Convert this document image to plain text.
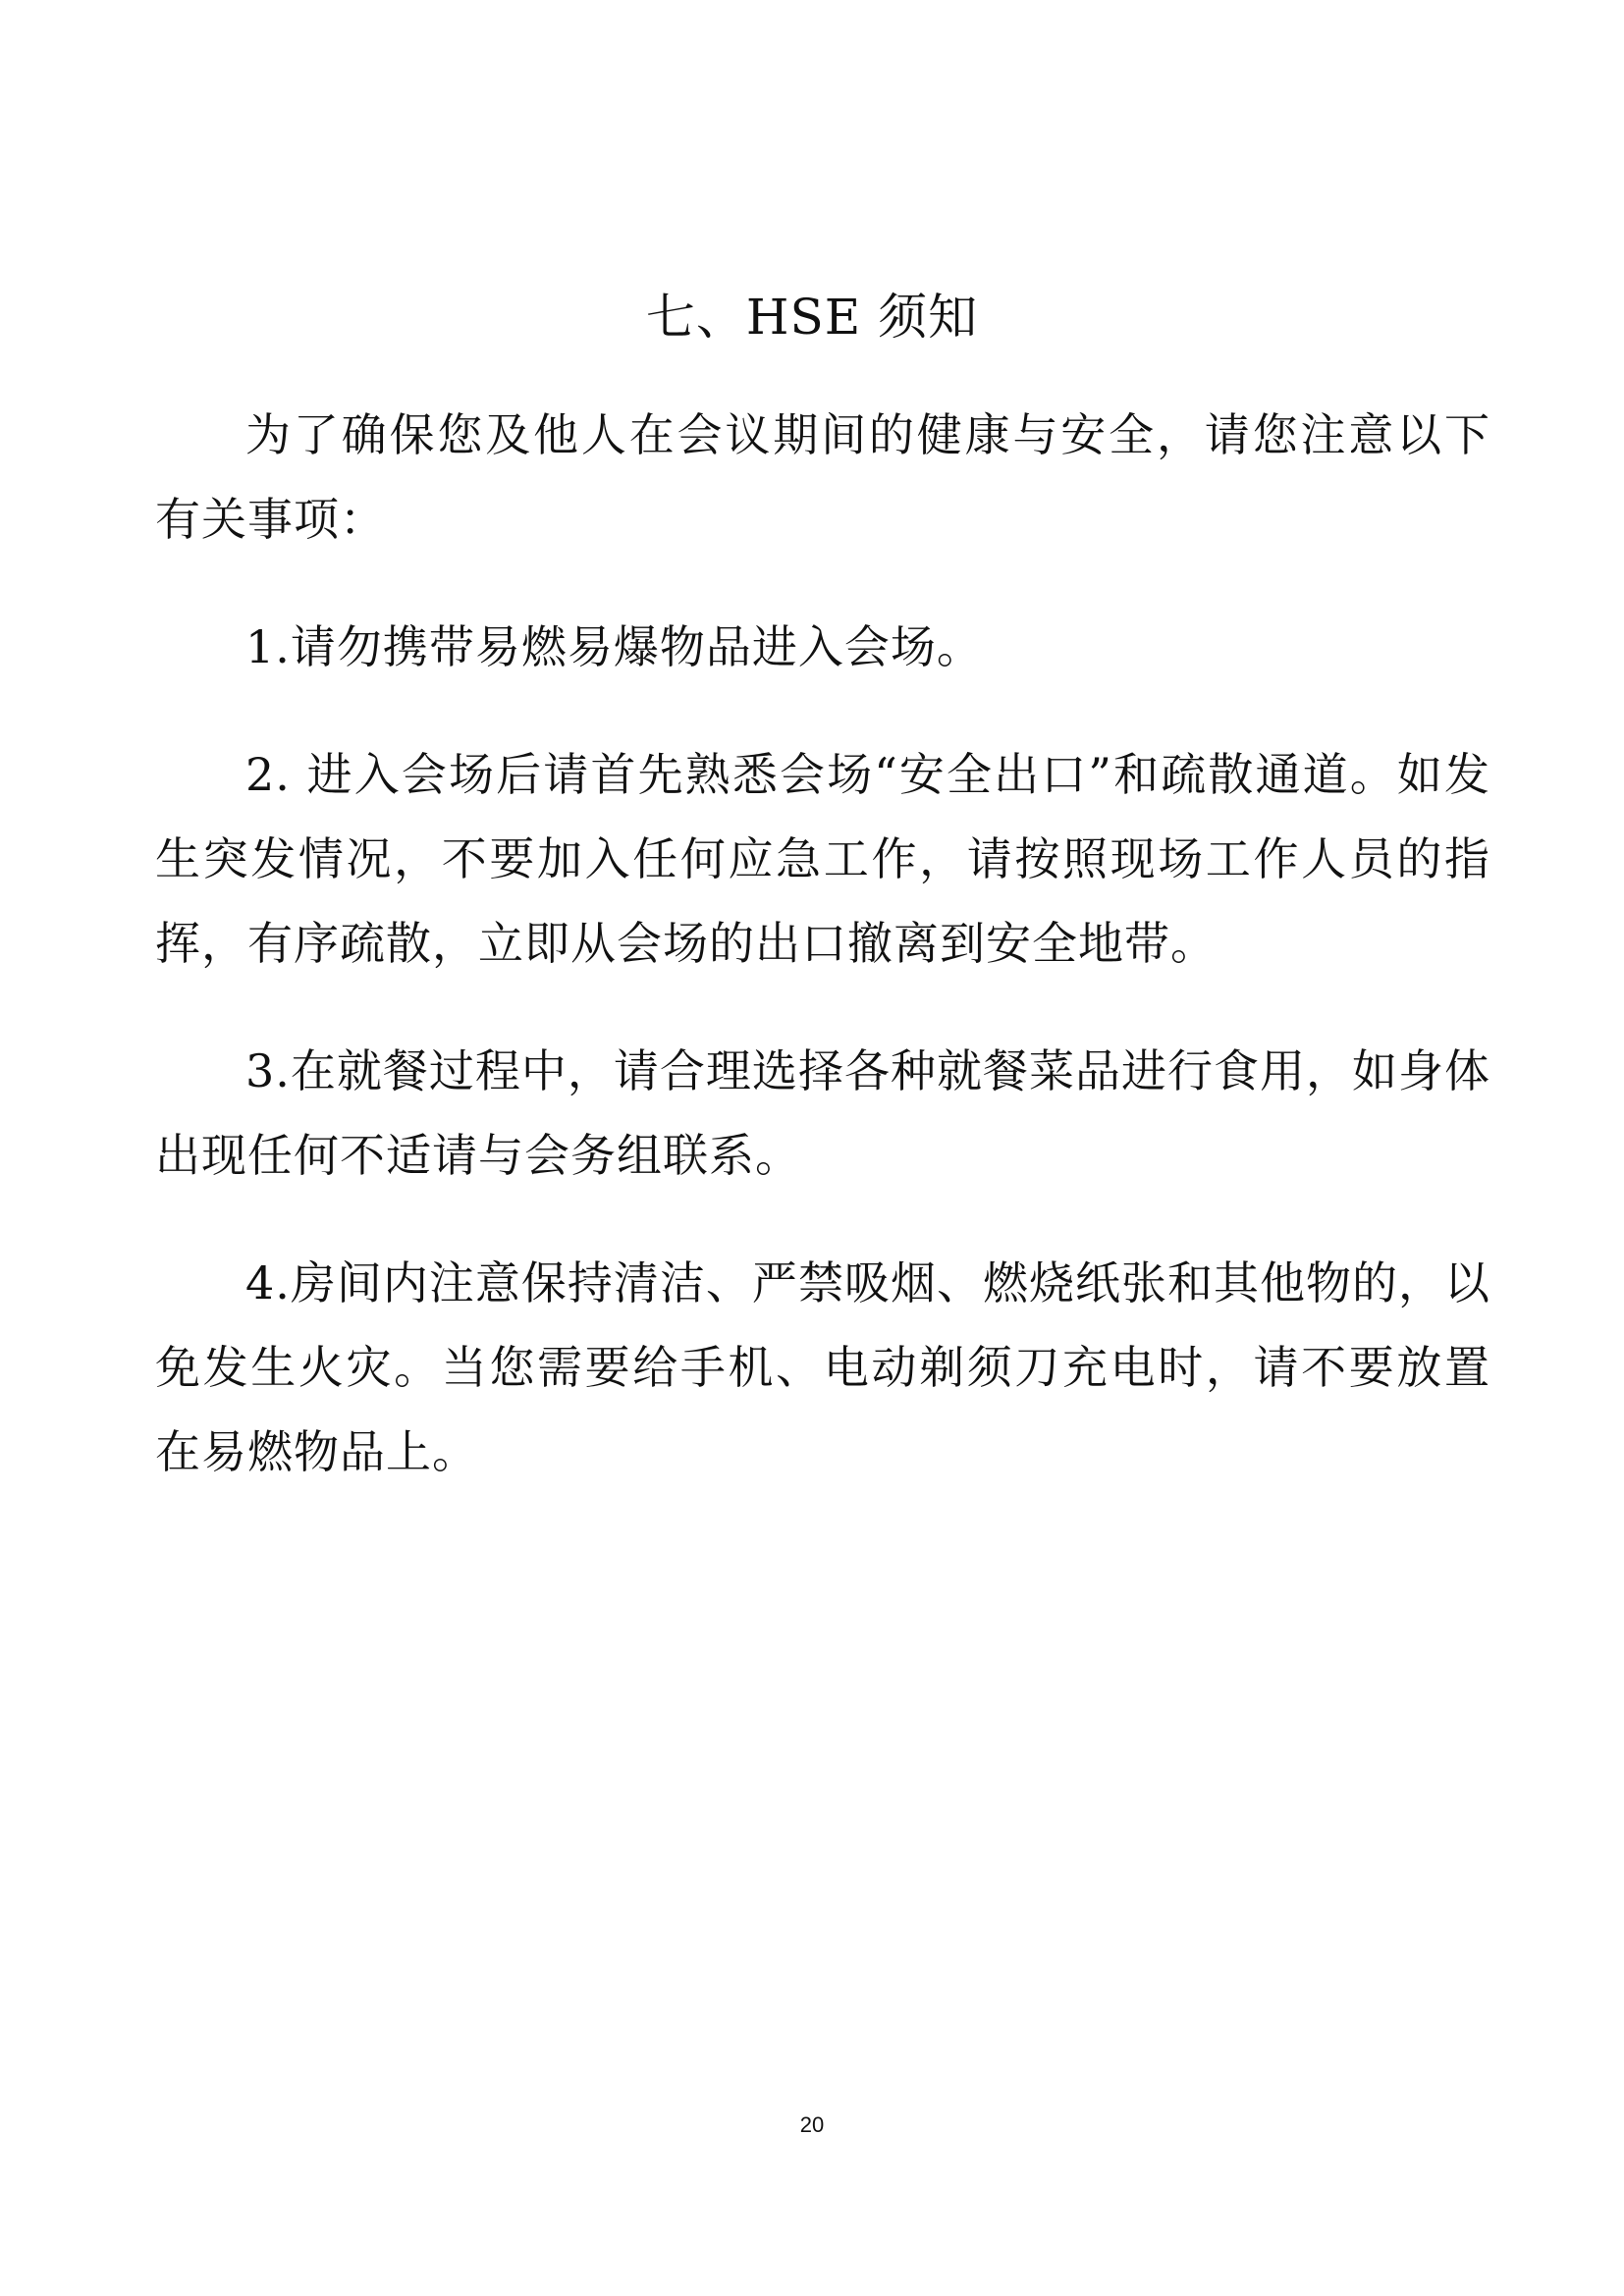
七、HSE 须知

为了确保您及他人在会议期间的健康与安全，请您注意以下有关事项：

1.请勿携带易燃易爆物品进入会场。

2. 进入会场后请首先熟悉会场“安全出口”和疏散通道。如发生突发情况，不要加入任何应急工作，请按照现场工作人员的指挥，有序疏散，立即从会场的出口撤离到安全地带。

3.在就餐过程中，请合理选择各种就餐菜品进行食用，如身体出现任何不适请与会务组联系。

4.房间内注意保持清洁、严禁吸烟、燃烧纸张和其他物的，以免发生火灾。当您需要给手机、电动剃须刀充电时，请不要放置在易燃物品上。

20
